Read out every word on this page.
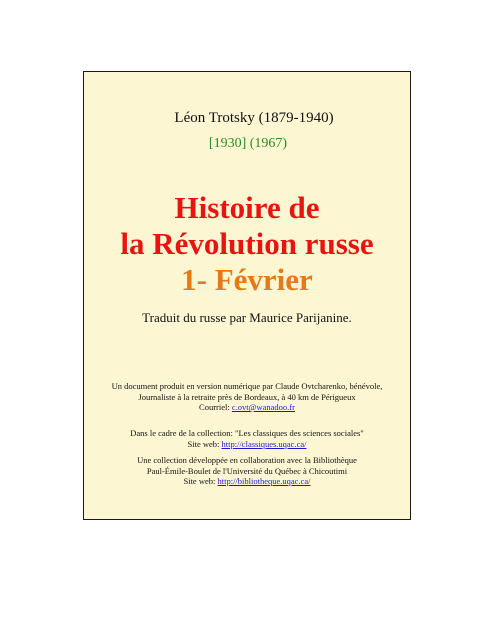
Léon Trotsky (1879-1940)
[1930] (1967)
Histoire de
la Révolution russe
1- Février
Traduit du russe par Maurice Parijanine.
Un document produit en version numérique par Claude Ovtcharenko, bénévole,
Journaliste à la retraite près de Bordeaux, à 40 km de Périgueux
Courriel: c.ovt@wanadoo.fr
Dans le cadre de la collection: "Les classiques des sciences sociales"
Site web: http://classiques.uqac.ca/
Une collection développée en collaboration avec la Bibliothèque
Paul-Émile-Boulet de l'Université du Québec à Chicoutimi
Site web: http://bibliotheque.uqac.ca/
